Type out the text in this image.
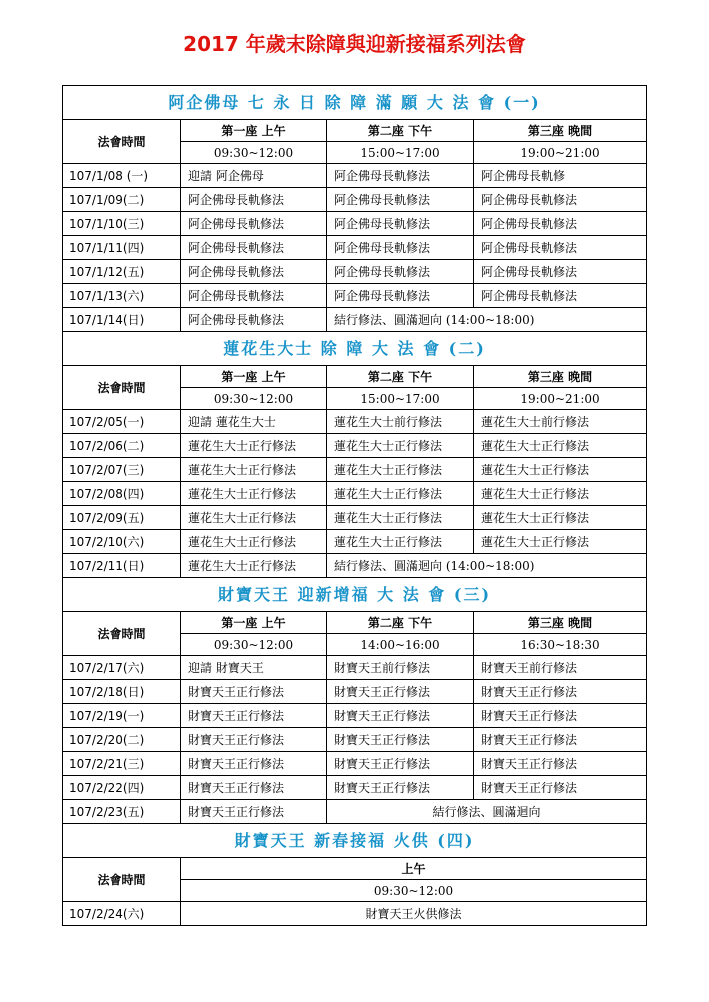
2017 年歲末除障與迎新接福系列法會
阿企佛母 七 永 日 除 障 滿 願 大 法 會 (一)			
法會時間	第一座 上午	第二座 下午	第三座 晚間
	09:30~12:00	15:00~17:00	19:00~21:00
107/1/08 (一)	迎請 阿企佛母	阿企佛母長軌修法	阿企佛母長軌修
107/1/09(二)	阿企佛母長軌修法	阿企佛母長軌修法	阿企佛母長軌修法
107/1/10(三)	阿企佛母長軌修法	阿企佛母長軌修法	阿企佛母長軌修法
107/1/11(四)	阿企佛母長軌修法	阿企佛母長軌修法	阿企佛母長軌修法
107/1/12(五)	阿企佛母長軌修法	阿企佛母長軌修法	阿企佛母長軌修法
107/1/13(六)	阿企佛母長軌修法	阿企佛母長軌修法	阿企佛母長軌修法
107/1/14(日)	阿企佛母長軌修法	結行修法、圓滿迴向 (14:00~18:00)	
蓮花生大士 除 障 大 法 會 (二)			
法會時間	第一座 上午	第二座 下午	第三座 晚間
	09:30~12:00	15:00~17:00	19:00~21:00
107/2/05(一)	迎請 蓮花生大士	蓮花生大士前行修法	蓮花生大士前行修法
107/2/06(二)	蓮花生大士正行修法	蓮花生大士正行修法	蓮花生大士正行修法
107/2/07(三)	蓮花生大士正行修法	蓮花生大士正行修法	蓮花生大士正行修法
107/2/08(四)	蓮花生大士正行修法	蓮花生大士正行修法	蓮花生大士正行修法
107/2/09(五)	蓮花生大士正行修法	蓮花生大士正行修法	蓮花生大士正行修法
107/2/10(六)	蓮花生大士正行修法	蓮花生大士正行修法	蓮花生大士正行修法
107/2/11(日)	蓮花生大士正行修法	結行修法、圓滿迴向 (14:00~18:00)	
財寶天王 迎新增福 大 法 會 (三)			
法會時間	第一座 上午	第二座 下午	第三座 晚間
	09:30~12:00	14:00~16:00	16:30~18:30
107/2/17(六)	迎請 財寶天王	財寶天王前行修法	財寶天王前行修法
107/2/18(日)	財寶天王正行修法	財寶天王正行修法	財寶天王正行修法
107/2/19(一)	財寶天王正行修法	財寶天王正行修法	財寶天王正行修法
107/2/20(二)	財寶天王正行修法	財寶天王正行修法	財寶天王正行修法
107/2/21(三)	財寶天王正行修法	財寶天王正行修法	財寶天王正行修法
107/2/22(四)	財寶天王正行修法	財寶天王正行修法	財寶天王正行修法
107/2/23(五)	財寶天王正行修法	結行修法、圓滿迴向	
財寶天王 新春接福 火供 (四)			
法會時間	上午		
	09:30~12:00		
107/2/24(六)	財寶天王火供修法		
